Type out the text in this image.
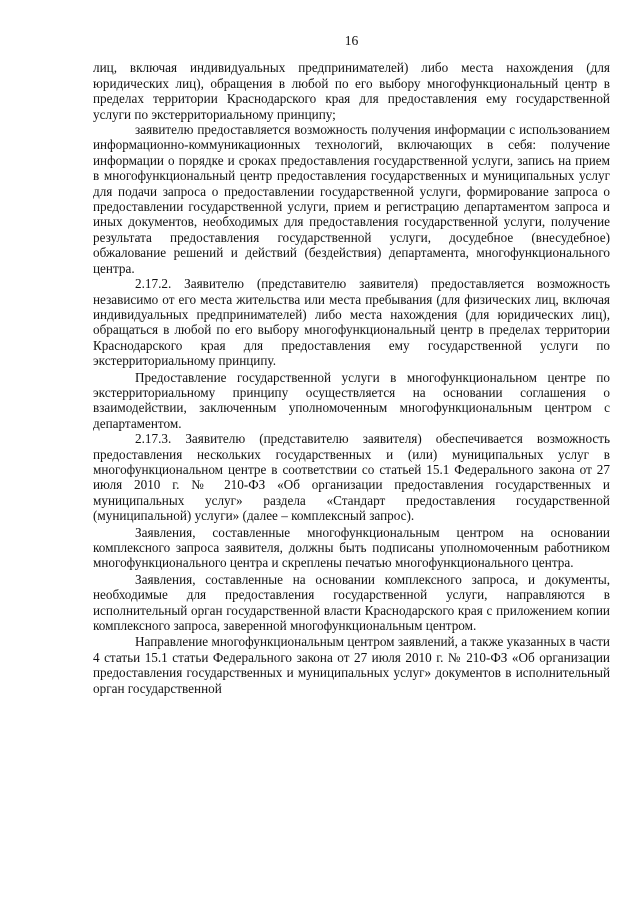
16

лиц, включая индивидуальных предпринимателей) либо места нахождения (для юридических лиц), обращения в любой по его выбору многофункциональный центр в пределах территории Краснодарского края для предоставления ему государственной услуги по экстерриториальному принципу;

заявителю предоставляется возможность получения информации с использованием информационно-коммуникационных технологий, включающих в себя: получение информации о порядке и сроках предоставления государственной услуги, запись на прием в многофункциональный центр предоставления государственных и муниципальных услуг для подачи запроса о предоставлении государственной услуги, формирование запроса о предоставлении государственной услуги, прием и регистрацию департаментом запроса и иных документов, необходимых для предоставления государственной услуги, получение результата предоставления государственной услуги, досудебное (внесудебное) обжалование решений и действий (бездействия) департамента, многофункционального центра.

2.17.2. Заявителю (представителю заявителя) предоставляется возможность независимо от его места жительства или места пребывания (для физических лиц, включая индивидуальных предпринимателей) либо места нахождения (для юридических лиц), обращаться в любой по его выбору многофункциональный центр в пределах территории Краснодарского края для предоставления ему государственной услуги по экстерриториальному принципу.

Предоставление государственной услуги в многофункциональном центре по экстерриториальному принципу осуществляется на основании соглашения о взаимодействии, заключенным уполномоченным многофункциональным центром с департаментом.

2.17.3. Заявителю (представителю заявителя) обеспечивается возможность предоставления нескольких государственных и (или) муниципальных услуг в многофункциональном центре в соответствии со статьей 15.1 Федерального закона от 27 июля 2010 г. № 210-ФЗ «Об организации предоставления государственных и муниципальных услуг» раздела «Стандарт предоставления государственной (муниципальной) услуги» (далее – комплексный запрос).

Заявления, составленные многофункциональным центром на основании комплексного запроса заявителя, должны быть подписаны уполномоченным работником многофункционального центра и скреплены печатью многофункционального центра.

Заявления, составленные на основании комплексного запроса, и документы, необходимые для предоставления государственной услуги, направляются в исполнительный орган государственной власти Краснодарского края с приложением копии комплексного запроса, заверенной многофункциональным центром.

Направление многофункциональным центром заявлений, а также указанных в части 4 статьи 15.1 статьи Федерального закона от 27 июля 2010 г. № 210-ФЗ «Об организации предоставления государственных и муниципальных услуг» документов в исполнительный орган государственной
